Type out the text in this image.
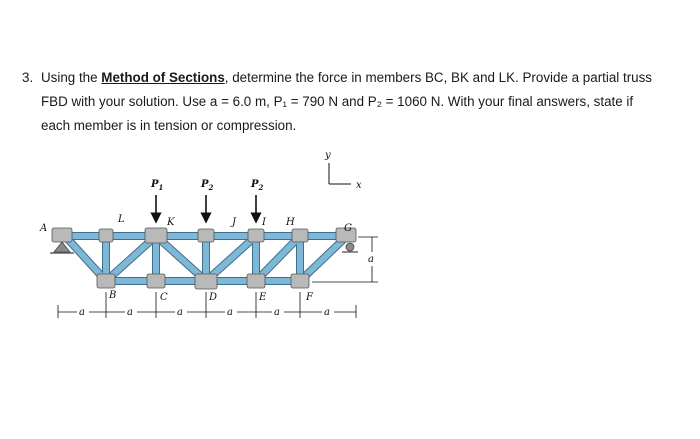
3. Using the Method of Sections, determine the force in members BC, BK and LK. Provide a partial truss
FBD with your solution. Use a = 6.0 m, P₁ = 790 N and P₂ = 1060 N. With your final answers, state if
each member is in tension or compression.
y
x
$P_1$	$P_2$	$P_2$
A
L	K	J	I H
G
B	C	D	E	F
a
a	a	a	a	a	a
